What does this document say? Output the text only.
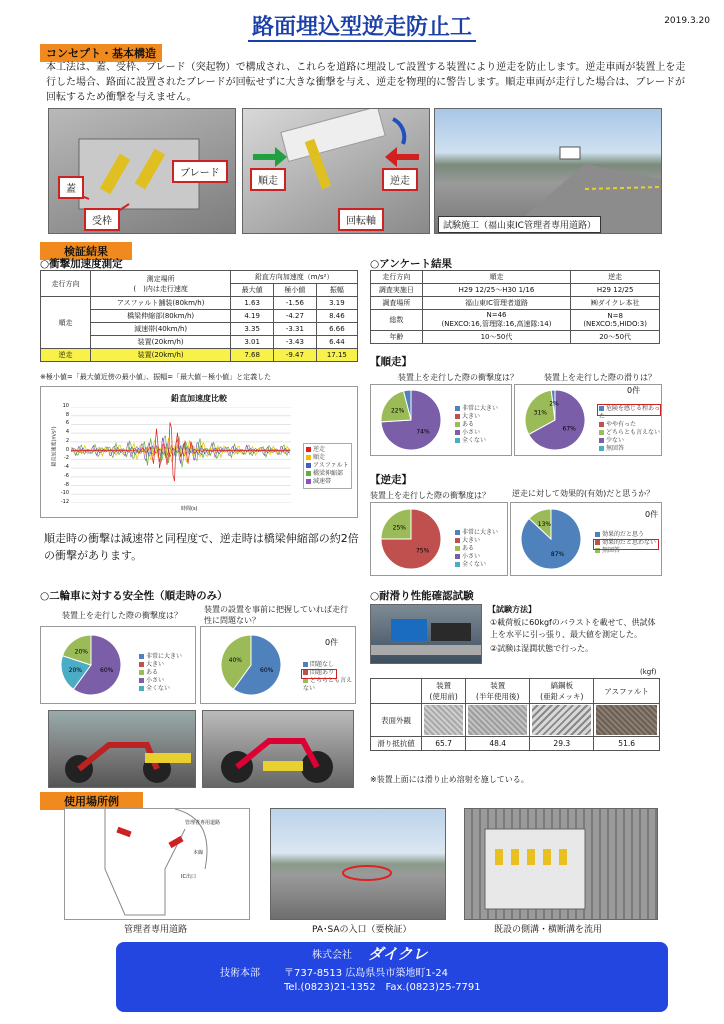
路面埋込型逆走防止工	2019.3.20
コンセプト・基本構造
本工法は、蓋、受枠、ブレード（突起物）で構成され、これらを道路に埋設して設置する装置により逆走を防止します。逆走車両が装置上を走行した場合、路面に設置されたブレードが回転せずに大きな衝撃を与え、逆走を物理的に警告します。順走車両が走行した場合は、ブレードが回転するため衝撃を与えません。
ブレード
蓋
受枠
順走	逆走
回転軸	試験施工（福山東IC管理者専用道路）
検証結果
○衝撃加速度測定
走行方向	測定場所
(　)内は走行速度	鉛直方向加速度（m/s²）		
		最大値	極小値	振幅
順走	アスファルト舗装(80km/h)	1.63	-1.56	3.19
	橋梁伸縮部(80km/h)	4.19	-4.27	8.46
	減速帯(40km/h)	3.35	-3.31	6.66
	装置(20km/h)	3.01	-3.43	6.44
逆走	装置(20km/h)	7.68	-9.47	17.15
※極小値=「最大値近傍の最小値」、振幅=「最大値－極小値」と定義した
鉛直加速度比較
鉛直加速度(m/s²)
10
8
6
4
2
0
-2
-4
-6
-8
-10
-12
時間(s)
逆走
順走
アスファルト
橋梁伸縮部
減速帯
順走時の衝撃は減速帯と同程度で、逆走時は橋梁伸縮部の約2倍の衝撃があります。
○アンケート結果
走行方向	順走	逆走
調査実施日	H29 12/25～H30 1/16	H29 12/25
調査場所	福山東IC管理者道路	㈱ダイクレ本社
総数	N=46
(NEXCO:16,管理隊:16,高速隊:14)	N=8
(NEXCO:5,HIDO:3)
年齢	10～50代	20～50代
【順走】
装置上を走行した際の衝撃度は？	装置上を走行した際の滑りは？
74%
22%	非常に大きい
大きい
ある
小さい
全くない
67%
31%
2%
危険を感じる程あった
やや有った
どちらとも言えない
少ない
無回答
0件
【逆走】
装置上を走行した際の衝撃度は？	逆走に対して効果的(有効)だと思うか？
75%
25%
非常に大きい
大きい
ある
小さい
全くない
87%
13%
効果的だと思う
効果的だと思わない
無回答
0件
○二輪車に対する安全性（順走時のみ）
装置上を走行した際の衝撃度は？
装置の設置を事前に把握していれば走行性に問題ない？
60%
20%
20%
非常に大きい
大きい
ある
小さい
全くない
60%
40%
問題なし
問題あり
どちらとも言えない
0件
○耐滑り性能確認試験
【試験方法】
①載荷板に60kgfのバラストを載せて、供試体上を水平に引っ張り、最大値を測定した。
②試験は湿潤状態で行った。
(kgf)
	装置
(使用前)	装置
(半年使用後)	縞鋼板
(亜鉛メッキ)	アスファルト
表面外観	

滑り抵抗値	65.7	48.4	29.3	51.6
※装置上面には滑り止め溶射を施している。
使用場所例
管理者専用道路
本線
IC出口
管理者専用道路	PA･SAの入口（要検証）	既設の側溝・横断溝を流用
株式会社 ダイクレ
技術本部 〒737-8513 広島県呉市築地町1-24
Tel.(0823)21-1352　Fax.(0823)25-7791
